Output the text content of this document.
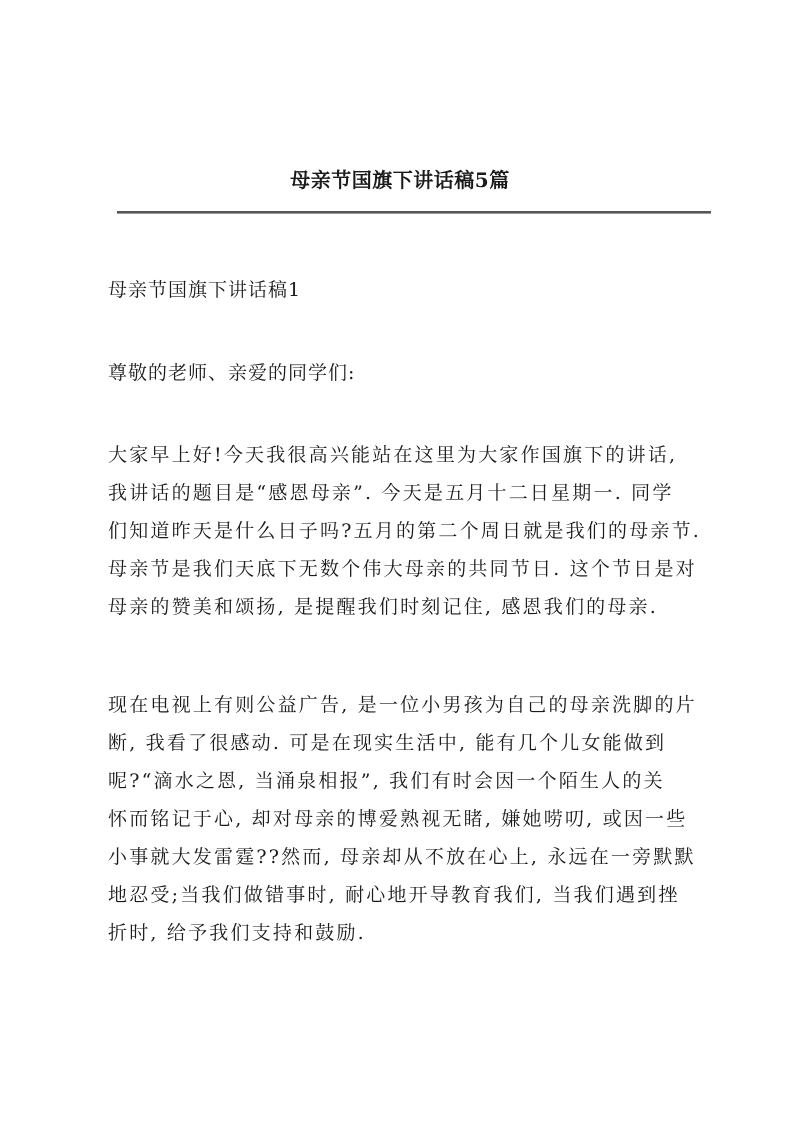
母亲节国旗下讲话稿5篇
母亲节国旗下讲话稿1

尊敬的老师、亲爱的同学们:

大家早上好!今天我很高兴能站在这里为大家作国旗下的讲话,
我讲话的题目是“感恩母亲”. 今天是五月十二日星期一. 同学
们知道昨天是什么日子吗?五月的第二个周日就是我们的母亲节.
母亲节是我们天底下无数个伟大母亲的共同节日. 这个节日是对
母亲的赞美和颂扬, 是提醒我们时刻记住, 感恩我们的母亲.

现在电视上有则公益广告, 是一位小男孩为自己的母亲洗脚的片
断, 我看了很感动. 可是在现实生活中, 能有几个儿女能做到
呢?“滴水之恩, 当涌泉相报”, 我们有时会因一个陌生人的关
怀而铭记于心, 却对母亲的博爱熟视无睹, 嫌她唠叨, 或因一些
小事就大发雷霆??然而, 母亲却从不放在心上, 永远在一旁默默
地忍受;当我们做错事时, 耐心地开导教育我们, 当我们遇到挫
折时, 给予我们支持和鼓励.
